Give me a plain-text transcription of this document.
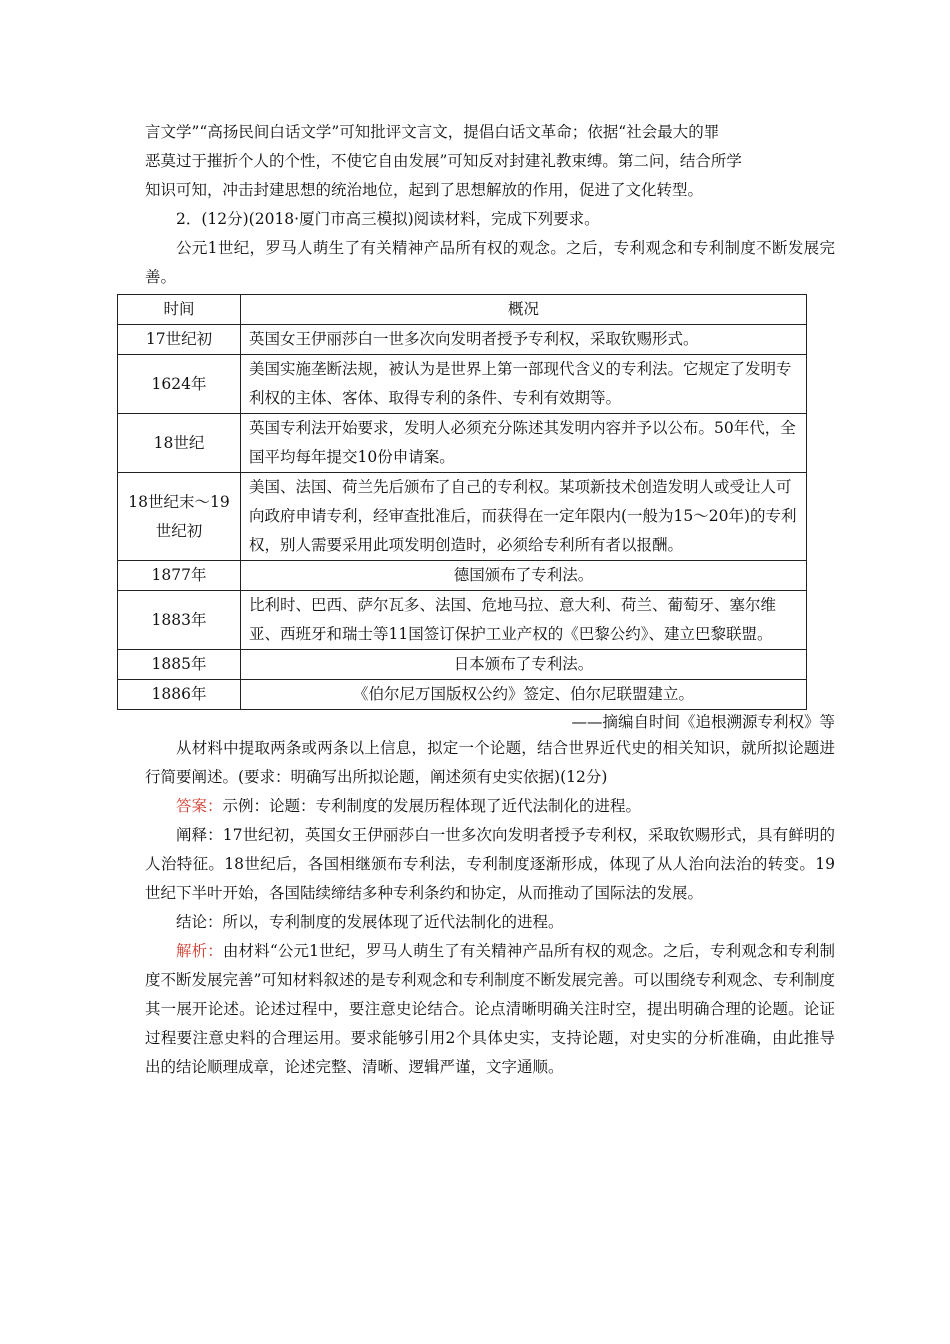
言文学”“高扬民间白话文学”可知批评文言文，提倡白话文革命；依据“社会最大的罪

恶莫过于摧折个人的个性，不使它自由发展”可知反对封建礼教束缚。第二问，结合所学

知识可知，冲击封建思想的统治地位，起到了思想解放的作用，促进了文化转型。

2．(12分)(2018·厦门市高三模拟)阅读材料，完成下列要求。

公元1世纪，罗马人萌生了有关精神产品所有权的观念。之后，专利观念和专利制度不断发展完善。

时间	概况
17世纪初	英国女王伊丽莎白一世多次向发明者授予专利权，采取钦赐形式。
1624年	美国实施垄断法规，被认为是世界上第一部现代含义的专利法。它规定了发明专利权的主体、客体、取得专利的条件、专利有效期等。
18世纪	英国专利法开始要求，发明人必须充分陈述其发明内容并予以公布。50年代，全国平均每年提交10份申请案。
18世纪末～19世纪初	美国、法国、荷兰先后颁布了自己的专利权。某项新技术创造发明人或受让人可向政府申请专利，经审查批准后，而获得在一定年限内(一般为15～20年)的专利权，别人需要采用此项发明创造时，必须给专利所有者以报酬。
1877年	德国颁布了专利法。
1883年	比利时、巴西、萨尔瓦多、法国、危地马拉、意大利、荷兰、葡萄牙、塞尔维亚、西班牙和瑞士等11国签订保护工业产权的《巴黎公约》、建立巴黎联盟。
1885年	日本颁布了专利法。
1886年	《伯尔尼万国版权公约》签定、伯尔尼联盟建立。

——摘编自时间《追根溯源专利权》等

从材料中提取两条或两条以上信息，拟定一个论题，结合世界近代史的相关知识，就所拟论题进行简要阐述。(要求：明确写出所拟论题，阐述须有史实依据)(12分)

答案：示例：论题：专利制度的发展历程体现了近代法制化的进程。

阐释：17世纪初，英国女王伊丽莎白一世多次向发明者授予专利权，采取钦赐形式，具有鲜明的人治特征。18世纪后，各国相继颁布专利法，专利制度逐渐形成，体现了从人治向法治的转变。19世纪下半叶开始，各国陆续缔结多种专利条约和协定，从而推动了国际法的发展。

结论：所以，专利制度的发展体现了近代法制化的进程。

解析：由材料“公元1世纪，罗马人萌生了有关精神产品所有权的观念。之后，专利观念和专利制度不断发展完善”可知材料叙述的是专利观念和专利制度不断发展完善。可以围绕专利观念、专利制度其一展开论述。论述过程中，要注意史论结合。论点清晰明确关注时空，提出明确合理的论题。论证过程要注意史料的合理运用。要求能够引用2个具体史实，支持论题，对史实的分析准确，由此推导出的结论顺理成章，论述完整、清晰、逻辑严谨，文字通顺。
